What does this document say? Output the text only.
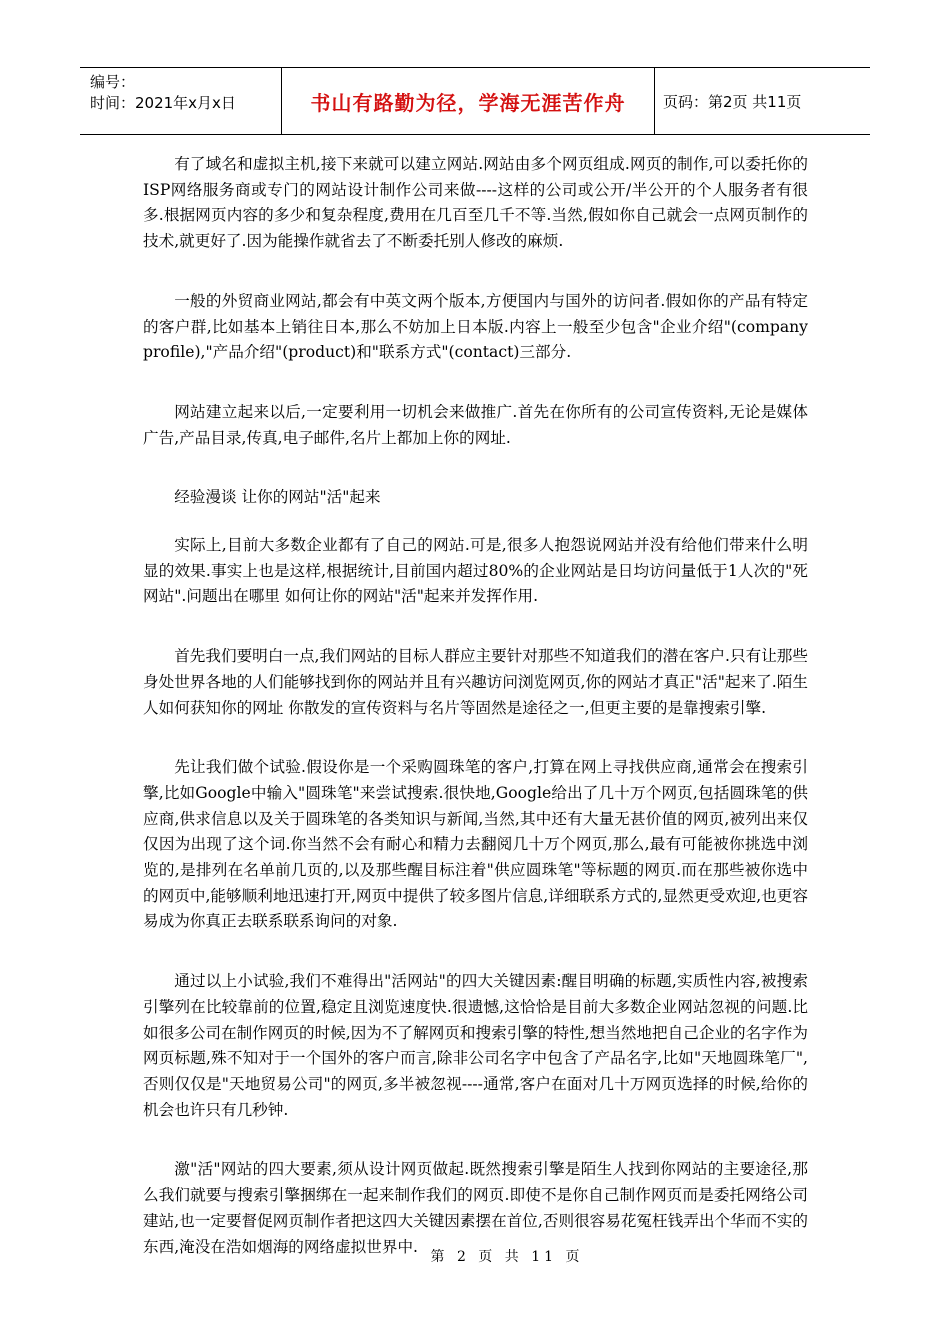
编号：
时间：2021年x月x日	书山有路勤为径，学海无涯苦作舟	页码：第2页 共11页

有了域名和虚拟主机,接下来就可以建立网站.网站由多个网页组成.网页的制作,可以委托你的ISP网络服务商或专门的网站设计制作公司来做----这样的公司或公开/半公开的个人服务者有很多.根据网页内容的多少和复杂程度,费用在几百至几千不等.当然,假如你自己就会一点网页制作的技术,就更好了.因为能操作就省去了不断委托别人修改的麻烦.

一般的外贸商业网站,都会有中英文两个版本,方便国内与国外的访问者.假如你的产品有特定的客户群,比如基本上销往日本,那么不妨加上日本版.内容上一般至少包含"企业介绍"(company profile),"产品介绍"(product)和"联系方式"(contact)三部分.

网站建立起来以后,一定要利用一切机会来做推广.首先在你所有的公司宣传资料,无论是媒体广告,产品目录,传真,电子邮件,名片上都加上你的网址.

经验漫谈 让你的网站"活"起来

实际上,目前大多数企业都有了自己的网站.可是,很多人抱怨说网站并没有给他们带来什么明显的效果.事实上也是这样,根据统计,目前国内超过80%的企业网站是日均访问量低于1人次的"死网站".问题出在哪里 如何让你的网站"活"起来并发挥作用.

首先我们要明白一点,我们网站的目标人群应主要针对那些不知道我们的潜在客户.只有让那些身处世界各地的人们能够找到你的网站并且有兴趣访问浏览网页,你的网站才真正"活"起来了.陌生人如何获知你的网址 你散发的宣传资料与名片等固然是途径之一,但更主要的是靠搜索引擎.

先让我们做个试验.假设你是一个采购圆珠笔的客户,打算在网上寻找供应商,通常会在搜索引擎,比如Google中输入"圆珠笔"来尝试搜索.很快地,Google给出了几十万个网页,包括圆珠笔的供应商,供求信息以及关于圆珠笔的各类知识与新闻,当然,其中还有大量无甚价值的网页,被列出来仅仅因为出现了这个词.你当然不会有耐心和精力去翻阅几十万个网页,那么,最有可能被你挑选中浏览的,是排列在名单前几页的,以及那些醒目标注着"供应圆珠笔"等标题的网页.而在那些被你选中的网页中,能够顺利地迅速打开,网页中提供了较多图片信息,详细联系方式的,显然更受欢迎,也更容易成为你真正去联系联系询问的对象.

通过以上小试验,我们不难得出"活网站"的四大关键因素:醒目明确的标题,实质性内容,被搜索引擎列在比较靠前的位置,稳定且浏览速度快.很遗憾,这恰恰是目前大多数企业网站忽视的问题.比如很多公司在制作网页的时候,因为不了解网页和搜索引擎的特性,想当然地把自己企业的名字作为网页标题,殊不知对于一个国外的客户而言,除非公司名字中包含了产品名字,比如"天地圆珠笔厂",否则仅仅是"天地贸易公司"的网页,多半被忽视----通常,客户在面对几十万网页选择的时候,给你的机会也许只有几秒钟.

激"活"网站的四大要素,须从设计网页做起.既然搜索引擎是陌生人找到你网站的主要途径,那么我们就要与搜索引擎捆绑在一起来制作我们的网页.即使不是你自己制作网页而是委托网络公司建站,也一定要督促网页制作者把这四大关键因素摆在首位,否则很容易花冤枉钱弄出个华而不实的东西,淹没在浩如烟海的网络虚拟世界中.

第 2 页 共 11 页
